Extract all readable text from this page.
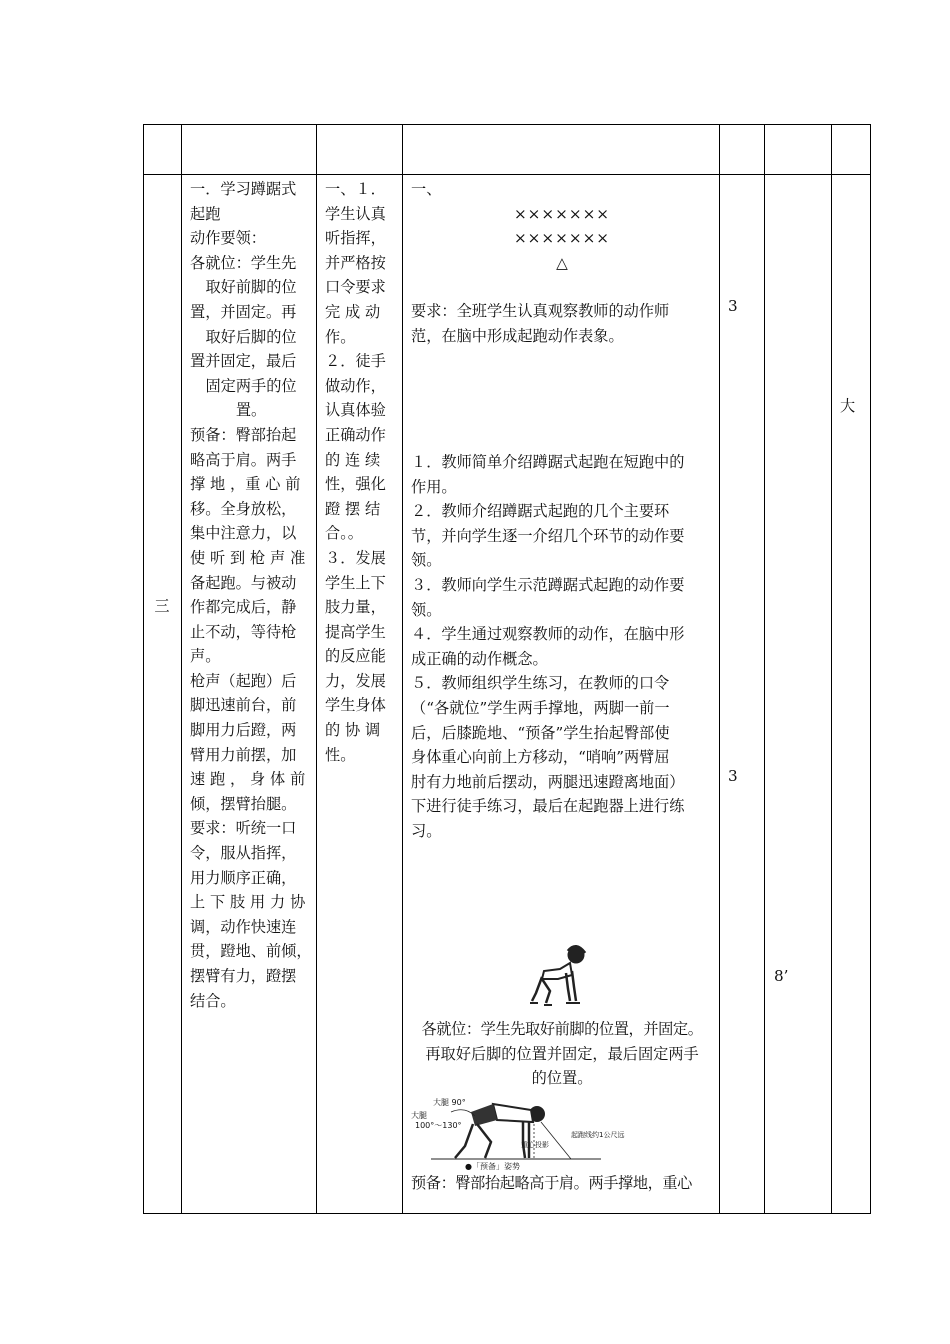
三

一．学习蹲踞式

起跑

动作要领：

各就位：学生先

取好前脚的位

置，并固定。再

取好后脚的位

置并固定，最后

固定两手的位

置。

预备：臀部抬起

略高于肩。两手

撑 地 ，重 心 前

移。全身放松，

集中注意力，以

使 听 到 枪 声 准

备起跑。与被动

作都完成后，静

止不动，等待枪

声。

枪声（起跑）后

脚迅速前台，前

脚用力后蹬，两

臂用力前摆，加

速 跑 ， 身 体 前

倾，摆臂抬腿。

要求：听统一口

令，服从指挥，

用力顺序正确，

上 下 肢 用 力 协

调，动作快速连

贯，蹬地、前倾，

摆臂有力，蹬摆

结合。

一、１．

学生认真

听指挥，

并严格按

口令要求

完 成 动

作。

２．徒手

做动作，

认真体验

正确动作

的 连 续

性，强化

蹬 摆 结

合。。

３．发展

学生上下

肢力量，

提高学生

的反应能

力，发展

学生身体

的 协 调

性。

一、

×××××××

×××××××

△

要求：全班学生认真观察教师的动作师

范，在脑中形成起跑动作表象。

１．教师简单介绍蹲踞式起跑在短跑中的

作用。

２．教师介绍蹲踞式起跑的几个主要环

节，并向学生逐一介绍几个环节的动作要

领。

３．教师向学生示范蹲踞式起跑的动作要

领。

４．学生通过观察教师的动作，在脑中形

成正确的动作概念。

５．教师组织学生练习，在教师的口令

（“各就位”学生两手撑地，两脚一前一

后，后膝跪地、“预备”学生抬起臀部使

身体重心向前上方移动，“哨响”两臂屈

肘有力地前后摆动，两腿迅速蹬离地面）

下进行徒手练习，最后在起跑器上进行练

习。

各就位：学生先取好前脚的位置，并固定。

再取好后脚的位置并固定，最后固定两手

的位置。

大腿 90°
大腿
100°～130°
重心投影
起跑线约1公尺远
●「预备」姿势
预备：臀部抬起略高于肩。两手撑地，重心
3
3
8’
大
